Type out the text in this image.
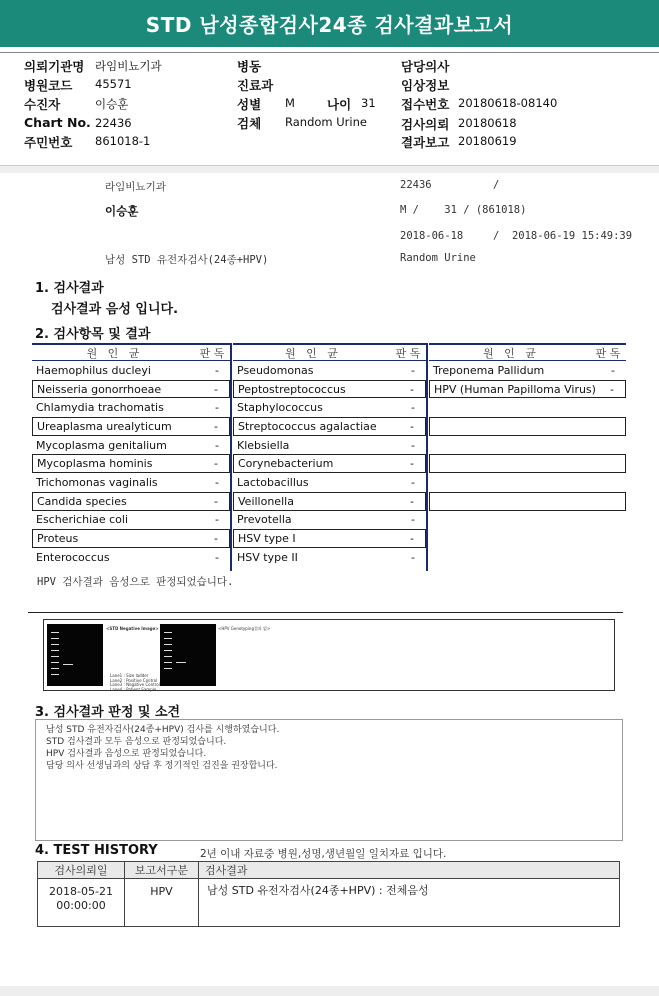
STD 남성종합검사24종 검사결과보고서
의뢰기관명 라임비뇨기과
병원코드 45571
수진자	이승훈
Chart No. 22436
주민번호 861018-1
병동
진료과
성별 M	나이 31
검체 Random Urine
담당의사
임상정보
접수번호 20180618-08140
검사의뢰 20180618
결과보고 20180619
라임비뇨기과	22436	/
이승훈	M /    31 / (861018)
2018-06-18	/  2018-06-19 15:49:39
남성 STD 유전자검사(24종+HPV)	Random Urine
1. 검사결과
검사결과 음성 입니다.
2. 검사항목 및 결과
원   인   균	판 독
Haemophilus ducleyi	-
Neisseria gonorrhoeae	-
Chlamydia trachomatis	-
Ureaplasma urealyticum	-
Mycoplasma genitalium	-
Mycoplasma hominis	-
Trichomonas vaginalis	-
Candida species	-
Escherichiae coli	-
Proteus	-
Enterococcus	-
원   인   균	판 독
Pseudomonas	-
Peptostreptococcus	-
Staphylococcus	-
Streptococcus agalactiae	-
Klebsiella	-
Corynebacterium	-
Lactobacillus	-
Veillonella	-
Prevotella	-
HSV type I	-
HSV type II	-
원   인   균	판 독
Treponema Pallidum	-
HPV (Human Papilloma Virus)	-
HPV 검사결과 음성으로 판정되었습니다.
<STD Negative Image>	<HPV Genotyping결과 없>
Lane1 : Size ladder
Lane2 : Positive Control
Lane3 : Negative Control
Lane4 : Patient Sample
3. 검사결과 판정 및 소견
남성 STD 유전자검사(24종+HPV) 검사를 시행하였습니다.
STD 검사결과 모두 음성으로 판정되었습니다.
HPV 검사결과 음성으로 판정되었습니다.
담당 의사 선생님과의 상담 후 정기적인 검진을 권장합니다.
4. TEST HISTORY	2년 이내 자료중 병원,성명,생년월일 일치자료 입니다.
검사의뢰일	보고서구분	검사결과

2018-05-21
00:00:00	HPV	남성 STD 유전자검사(24종+HPV) : 전체음성
